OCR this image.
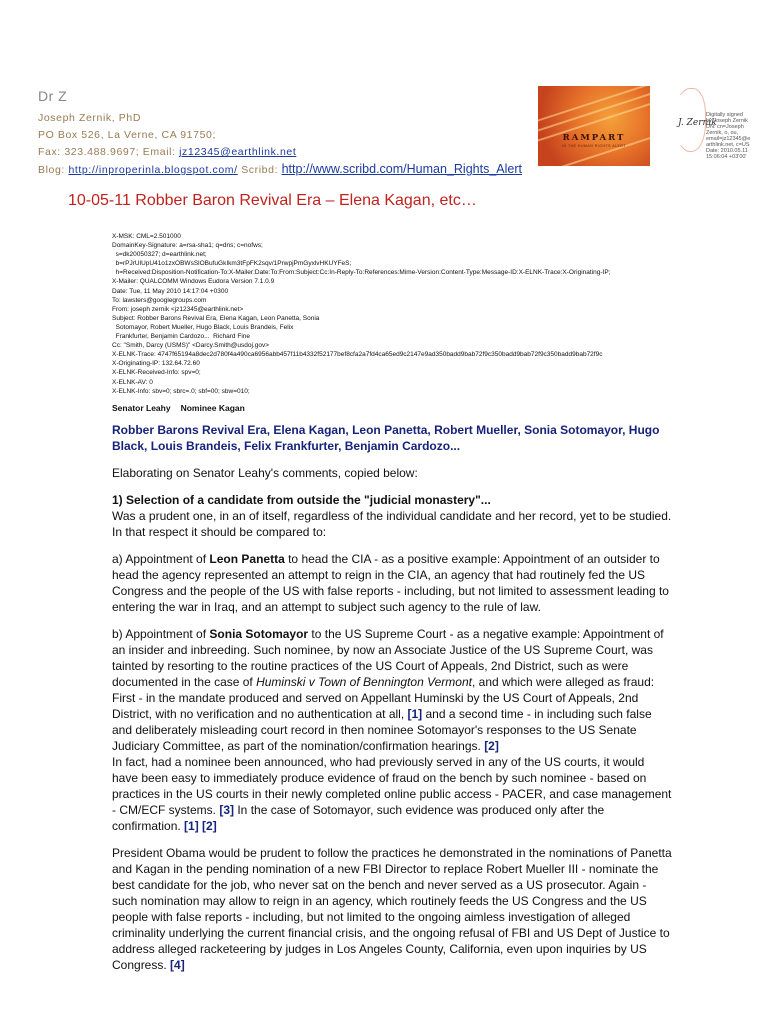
Dr Z
Joseph Zernik, PhD
PO Box 526, La Verne, CA 91750;
Fax: 323.488.9697; Email: jz12345@earthlink.net
Blog: http://inproperinla.blogspot.com/ Scribd: http://www.scribd.com/Human_Rights_Alert
RAMPART
IN THE HUMAN RIGHTS ALERT
J. Zernik
Digitally signed
by Joseph Zernik
DN: cn=Joseph
Zernik, o, ou,
email=jz12345@e
arthlink.net, c=US
Date: 2010.05.11
15:06:04 +03'00'
10-05-11 Robber Baron Revival Era – Elena Kagan, etc…
X-MSK: CML=2.501000
DomainKey-Signature: a=rsa-sha1; q=dns; c=nofws;
s=dk20050327; d=earthlink.net;
b=rPJrUlUpU41o1zxOBWsSlOBufuGkIkm3tFpFK2sqv/1PrwpjPmGyxlvHKUYFeS;
h=Received:Disposition-Notification-To:X-Mailer:Date:To:From:Subject:Cc:In-Reply-To:References:Mime-Version:Content-Type:Message-ID:X-ELNK-Trace:X-Originating-IP;
X-Mailer: QUALCOMM Windows Eudora Version 7.1.0.9
Date: Tue, 11 May 2010 14:17:04 +0300
To: lawsters@googlegroups.com
From: joseph zernik <jz12345@earthlink.net>
Subject: Robber Barons Revival Era, Elena Kagan, Leon Panetta, Sonia
Sotomayor, Robert Mueller, Hugo Black, Louis Brandeis, Felix
Frankfurter, Benjamin Cardozo...  Richard Fine
Cc: "Smith, Darcy (USMS)" <Darcy.Smith@usdoj.gov>
X-ELNK-Trace: 4747f65194a8dec2d780f4a490ca6956abb457f11b4332f52177bef8cfa2a7fd4ca65ed9c2147e9ad350badd9bab72f9c350badd9bab72f9c350badd9bab72f9c
X-Originating-IP: 132.64.72.60
X-ELNK-Received-Info: spv=0;
X-ELNK-AV: 0
X-ELNK-Info: sbv=0; sbrc=.0; sbf=00; sbw=010;
Senator Leahy Nominee Kagan

Robber Barons Revival Era, Elena Kagan, Leon Panetta, Robert Mueller, Sonia Sotomayor, Hugo Black, Louis Brandeis, Felix Frankfurter, Benjamin Cardozo...

Elaborating on Senator Leahy's comments, copied below:

1) Selection of a candidate from outside the "judicial monastery"...
Was a prudent one, in an of itself, regardless of the individual candidate and her record, yet to be studied. In that respect it should be compared to:

a) Appointment of Leon Panetta to head the CIA - as a positive example: Appointment of an outsider to head the agency represented an attempt to reign in the CIA, an agency that had routinely fed the US Congress and the people of the US with false reports - including, but not limited to assessment leading to entering the war in Iraq, and an attempt to subject such agency to the rule of law.

b) Appointment of Sonia Sotomayor to the US Supreme Court - as a negative example: Appointment of an insider and inbreeding. Such nominee, by now an Associate Justice of the US Supreme Court, was tainted by resorting to the routine practices of the US Court of Appeals, 2nd District, such as were documented in the case of Huminski v Town of Bennington Vermont, and which were alleged as fraud: First - in the mandate produced and served on Appellant Huminski by the US Court of Appeals, 2nd District, with no verification and no authentication at all, [1] and a second time - in including such false and deliberately misleading court record in then nominee Sotomayor's responses to the US Senate Judiciary Committee, as part of the nomination/confirmation hearings. [2]
In fact, had a nominee been announced, who had previously served in any of the US courts, it would have been easy to immediately produce evidence of fraud on the bench by such nominee - based on practices in the US courts in their newly completed online public access - PACER, and case management - CM/ECF systems. [3] In the case of Sotomayor, such evidence was produced only after the confirmation. [1] [2]

President Obama would be prudent to follow the practices he demonstrated in the nominations of Panetta and Kagan in the pending nomination of a new FBI Director to replace Robert Mueller III - nominate the best candidate for the job, who never sat on the bench and never served as a US prosecutor. Again - such nomination may allow to reign in an agency, which routinely feeds the US Congress and the US people with false reports - including, but not limited to the ongoing aimless investigation of alleged criminality underlying the current financial crisis, and the ongoing refusal of FBI and US Dept of Justice to address alleged racketeering by judges in Los Angeles County, California, even upon inquiries by US Congress. [4]
